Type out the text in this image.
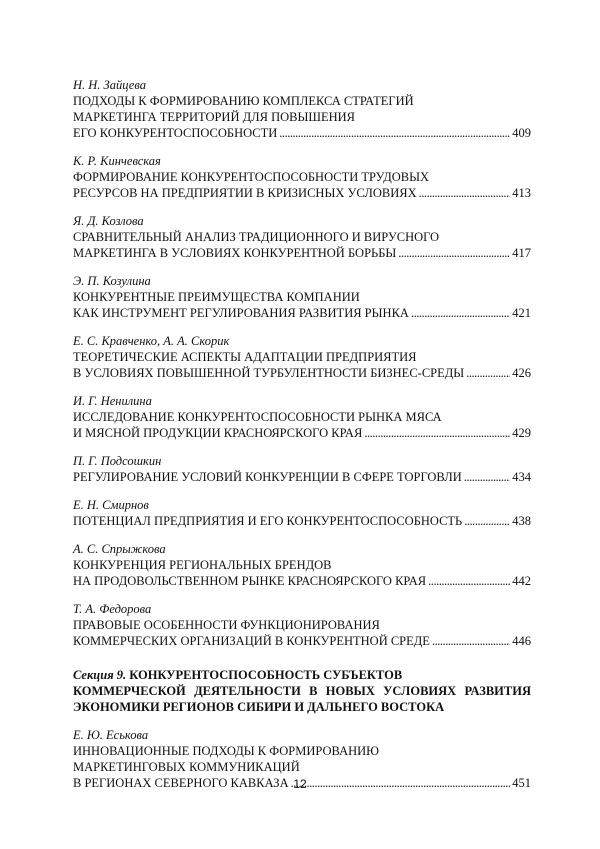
Н. Н. Зайцева
ПОДХОДЫ К ФОРМИРОВАНИЮ КОМПЛЕКСА СТРАТЕГИЙ
МАРКЕТИНГА ТЕРРИТОРИЙ ДЛЯ ПОВЫШЕНИЯ
ЕГО КОНКУРЕНТОСПОСОБНОСТИ . . .	409
К. Р. Кинчевская
ФОРМИРОВАНИЕ КОНКУРЕНТОСПОСОБНОСТИ ТРУДОВЫХ
РЕСУРСОВ НА ПРЕДПРИЯТИИ В КРИЗИСНЫХ УСЛОВИЯХ . . .	413
Я. Д. Козлова
СРАВНИТЕЛЬНЫЙ АНАЛИЗ ТРАДИЦИОННОГО И ВИРУСНОГО
МАРКЕТИНГА В УСЛОВИЯХ КОНКУРЕНТНОЙ БОРЬБЫ . . .	417
Э. П. Козулина
КОНКУРЕНТНЫЕ ПРЕИМУЩЕСТВА КОМПАНИИ
КАК ИНСТРУМЕНТ РЕГУЛИРОВАНИЯ РАЗВИТИЯ РЫНКА . . .	421
Е. С. Кравченко, А. А. Скорик
ТЕОРЕТИЧЕСКИЕ АСПЕКТЫ АДАПТАЦИИ ПРЕДПРИЯТИЯ
В УСЛОВИЯХ ПОВЫШЕННОЙ ТУРБУЛЕНТНОСТИ БИЗНЕС-СРЕДЫ . . .	426
И. Г. Ненилина
ИССЛЕДОВАНИЕ КОНКУРЕНТОСПОСОБНОСТИ РЫНКА МЯСА
И МЯСНОЙ ПРОДУКЦИИ КРАСНОЯРСКОГО КРАЯ . . .	429
П. Г. Подсошкин
РЕГУЛИРОВАНИЕ УСЛОВИЙ КОНКУРЕНЦИИ В СФЕРЕ ТОРГОВЛИ . . .	434
Е. Н. Смирнов
ПОТЕНЦИАЛ ПРЕДПРИЯТИЯ И ЕГО КОНКУРЕНТОСПОСОБНОСТЬ . . .	438
А. С. Спрыжкова
КОНКУРЕНЦИЯ РЕГИОНАЛЬНЫХ БРЕНДОВ
НА ПРОДОВОЛЬСТВЕННОМ РЫНКЕ КРАСНОЯРСКОГО КРАЯ . . .	442
Т. А. Федорова
ПРАВОВЫЕ ОСОБЕННОСТИ ФУНКЦИОНИРОВАНИЯ
КОММЕРЧЕСКИХ ОРГАНИЗАЦИЙ В КОНКУРЕНТНОЙ СРЕДЕ . . .	446
Секция 9. КОНКУРЕНТОСПОСОБНОСТЬ СУБЪЕКТОВ
КОММЕРЧЕСКОЙ ДЕЯТЕЛЬНОСТИ В НОВЫХ УСЛОВИЯХ РАЗВИТИЯ
ЭКОНОМИКИ РЕГИОНОВ СИБИРИ И ДАЛЬНЕГО ВОСТОКА
Е. Ю. Еськова
ИННОВАЦИОННЫЕ ПОДХОДЫ К ФОРМИРОВАНИЮ
МАРКЕТИНГОВЫХ КОММУНИКАЦИЙ
В РЕГИОНАХ СЕВЕРНОГО КАВКАЗА . . .	451
12
